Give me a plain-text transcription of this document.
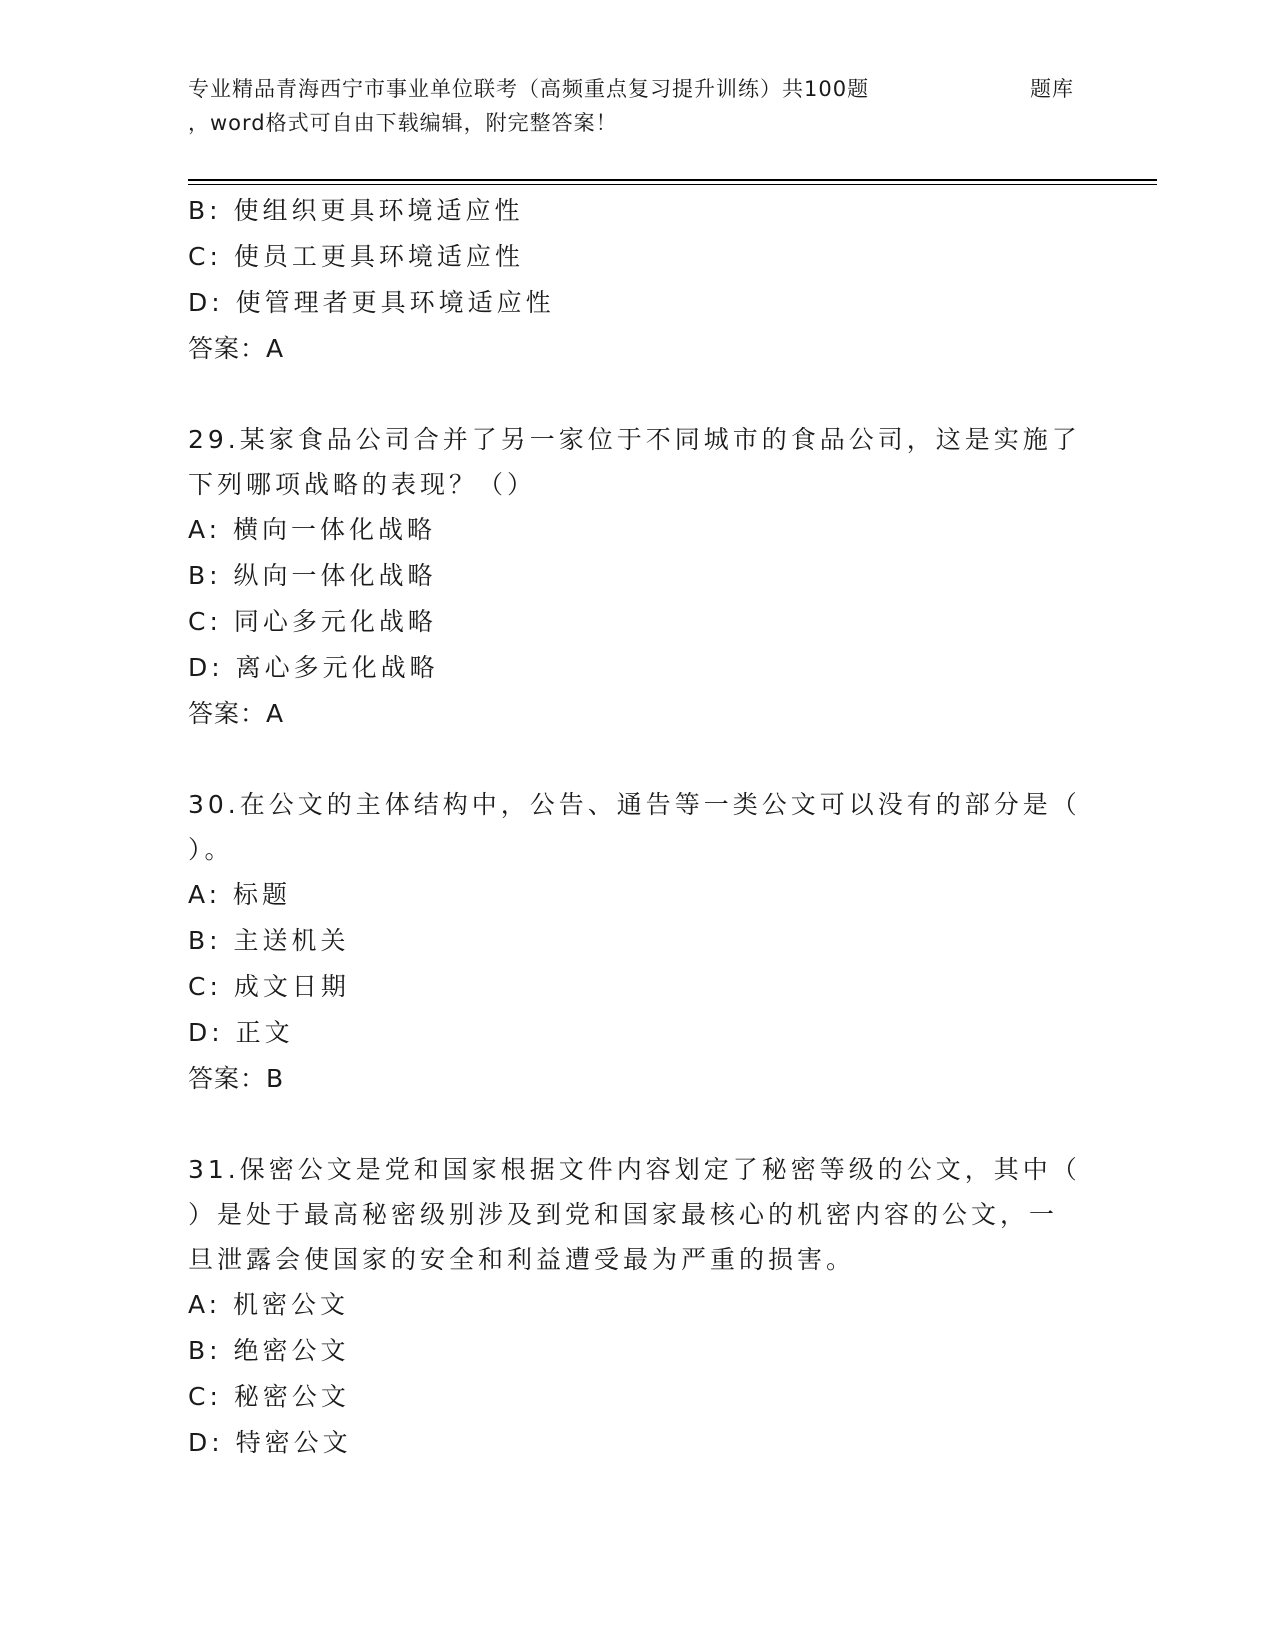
专业精品青海西宁市事业单位联考（高频重点复习提升训练）共100题	题库
，word格式可自由下载编辑，附完整答案！
B: 使组织更具环境适应性
C: 使员工更具环境适应性
D: 使管理者更具环境适应性
答案：A
29.某家食品公司合并了另一家位于不同城市的食品公司，这是实施了
下列哪项战略的表现？（）
A: 横向一体化战略
B: 纵向一体化战略
C: 同心多元化战略
D: 离心多元化战略
答案：A
30.在公文的主体结构中，公告、通告等一类公文可以没有的部分是（
）。
A: 标题
B: 主送机关
C: 成文日期
D: 正文
答案：B
31.保密公文是党和国家根据文件内容划定了秘密等级的公文，其中（
）是处于最高秘密级别涉及到党和国家最核心的机密内容的公文，一
旦泄露会使国家的安全和利益遭受最为严重的损害。
A: 机密公文
B: 绝密公文
C: 秘密公文
D: 特密公文
